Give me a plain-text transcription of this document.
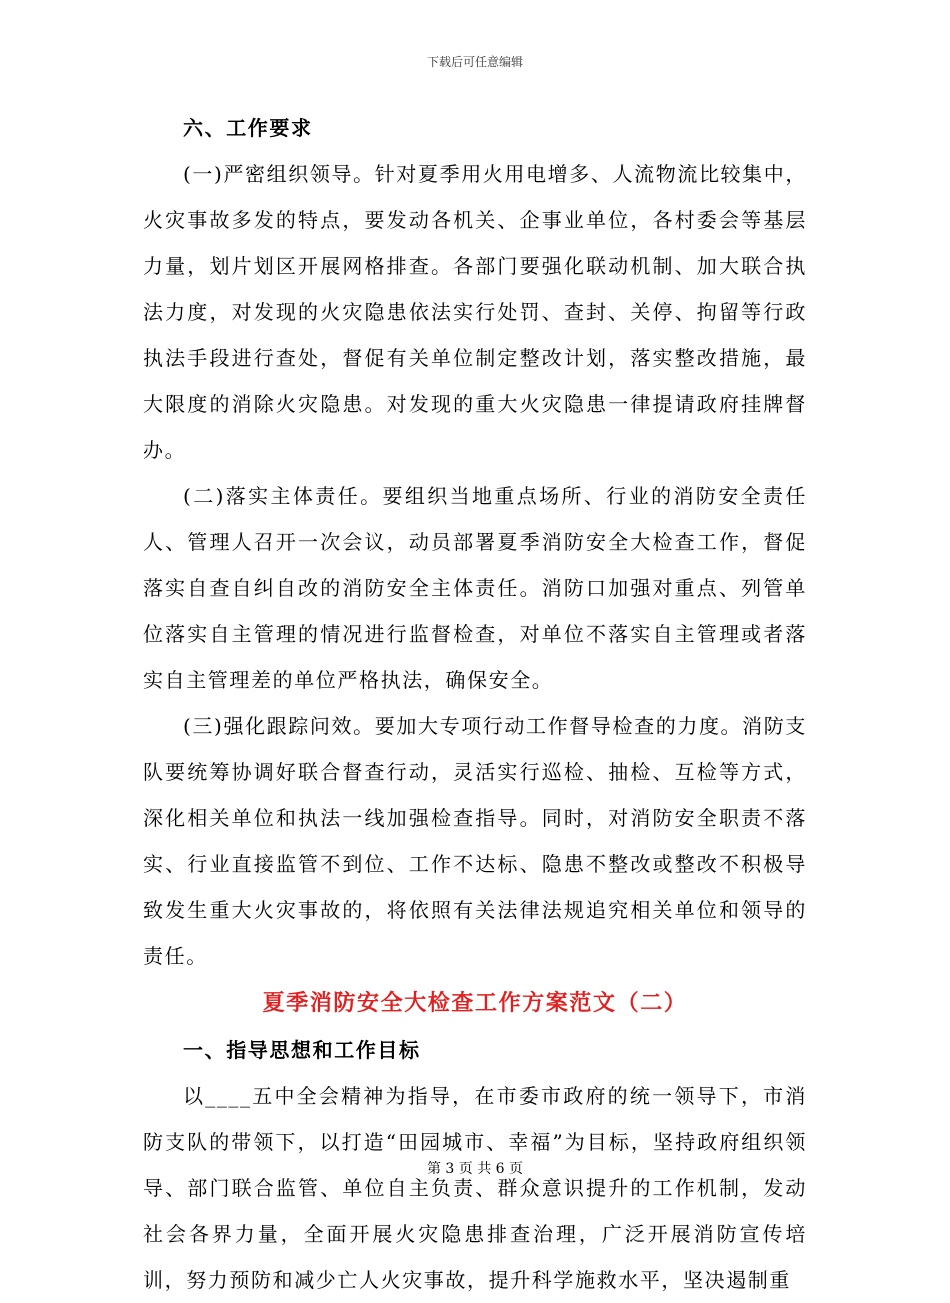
下载后可任意编辑

六、工作要求

(一)严密组织领导。针对夏季用火用电增多、人流物流比较集中，火灾事故多发的特点，要发动各机关、企事业单位，各村委会等基层力量，划片划区开展网格排查。各部门要强化联动机制、加大联合执法力度，对发现的火灾隐患依法实行处罚、查封、关停、拘留等行政执法手段进行查处，督促有关单位制定整改计划，落实整改措施，最大限度的消除火灾隐患。对发现的重大火灾隐患一律提请政府挂牌督办。

(二)落实主体责任。要组织当地重点场所、行业的消防安全责任人、管理人召开一次会议，动员部署夏季消防安全大检查工作，督促落实自查自纠自改的消防安全主体责任。消防口加强对重点、列管单位落实自主管理的情况进行监督检查，对单位不落实自主管理或者落实自主管理差的单位严格执法，确保安全。

(三)强化跟踪问效。要加大专项行动工作督导检查的力度。消防支队要统筹协调好联合督查行动，灵活实行巡检、抽检、互检等方式，深化相关单位和执法一线加强检查指导。同时，对消防安全职责不落实、行业直接监管不到位、工作不达标、隐患不整改或整改不积极导致发生重大火灾事故的，将依照有关法律法规追究相关单位和领导的责任。

夏季消防安全大检查工作方案范文（二）

一、指导思想和工作目标

以____五中全会精神为指导，在市委市政府的统一领导下，市消防支队的带领下，以打造“田园城市、幸福”为目标，坚持政府组织领导、部门联合监管、单位自主负责、群众意识提升的工作机制，发动社会各界力量，全面开展火灾隐患排查治理，广泛开展消防宣传培训，努力预防和减少亡人火灾事故，提升科学施救水平，坚决遏制重

第 3 页 共 6 页
